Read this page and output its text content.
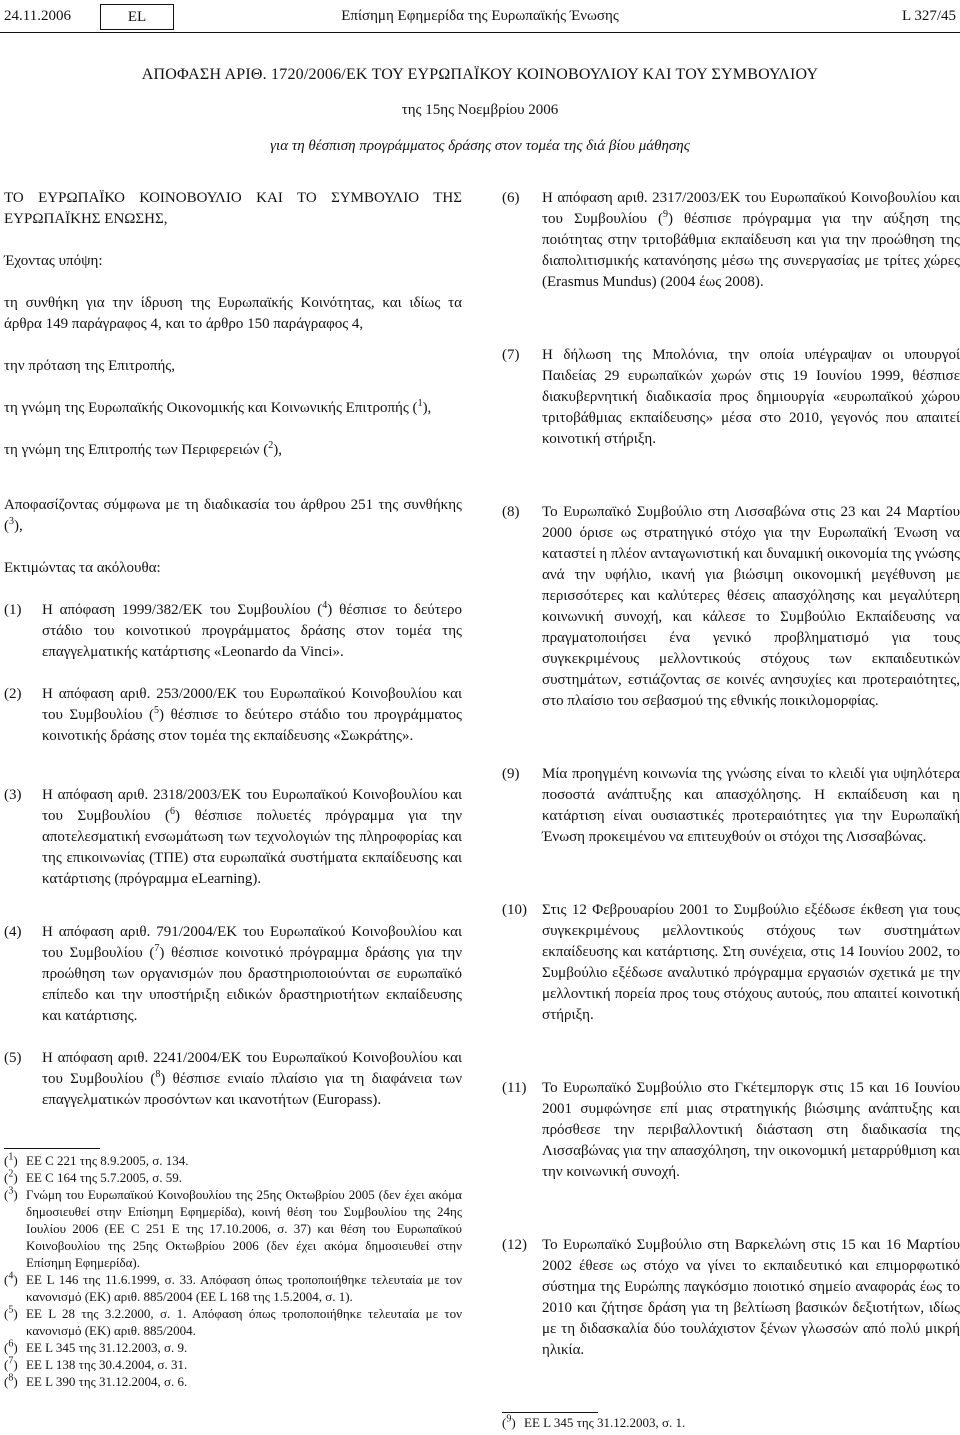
24.11.2006	EL	Επίσημη Εφημερίδα της Ευρωπαϊκής Ένωσης	L 327/45
ΑΠΟΦΑΣΗ ΑΡΙΘ. 1720/2006/ΕΚ ΤΟΥ ΕΥΡΩΠΑΪΚΟΥ ΚΟΙΝΟΒΟΥΛΙΟΥ ΚΑΙ ΤΟΥ ΣΥΜΒΟΥΛΙΟΥ
της 15ης Νοεμβρίου 2006
για τη θέσπιση προγράμματος δράσης στον τομέα της διά βίου μάθησης

ΤΟ ΕΥΡΩΠΑΪΚΟ ΚΟΙΝΟΒΟΥΛΙΟ ΚΑΙ ΤΟ ΣΥΜΒΟΥΛΙΟ ΤΗΣ ΕΥΡΩΠΑΪΚΗΣ ΕΝΩΣΗΣ,

Έχοντας υπόψη:

τη συνθήκη για την ίδρυση της Ευρωπαϊκής Κοινότητας, και ιδίως τα άρθρα 149 παράγραφος 4, και το άρθρο 150 παράγραφος 4,

την πρόταση της Επιτροπής,

τη γνώμη της Ευρωπαϊκής Οικονομικής και Κοινωνικής Επιτροπής ($^1$),

τη γνώμη της Επιτροπής των Περιφερειών ($^2$),

Αποφασίζοντας σύμφωνα με τη διαδικασία του άρθρου 251 της συνθήκης ($^3$),

Εκτιμώντας τα ακόλουθα:

(1) Η απόφαση 1999/382/ΕΚ του Συμβουλίου ($^4$) θέσπισε το δεύτερο στάδιο του κοινοτικού προγράμματος δράσης στον τομέα της επαγγελματικής κατάρτισης «Leonardo da Vinci».
(2) Η απόφαση αριθ. 253/2000/ΕΚ του Ευρωπαϊκού Κοινοβουλίου και του Συμβουλίου ($^5$) θέσπισε το δεύτερο στάδιο του προγράμματος κοινοτικής δράσης στον τομέα της εκπαίδευσης «Σωκράτης».
(3) Η απόφαση αριθ. 2318/2003/ΕΚ του Ευρωπαϊκού Κοινοβουλίου και του Συμβουλίου ($^6$) θέσπισε πολυετές πρόγραμμα για την αποτελεσματική ενσωμάτωση των τεχνολογιών της πληροφορίας και της επικοινωνίας (ΤΠΕ) στα ευρωπαϊκά συστήματα εκπαίδευσης και κατάρτισης (πρόγραμμα eLearning).
(4) Η απόφαση αριθ. 791/2004/ΕΚ του Ευρωπαϊκού Κοινοβουλίου και του Συμβουλίου ($^7$) θέσπισε κοινοτικό πρόγραμμα δράσης για την προώθηση των οργανισμών που δραστηριοποιούνται σε ευρωπαϊκό επίπεδο και την υποστήριξη ειδικών δραστηριοτήτων εκπαίδευσης και κατάρτισης.
(5) Η απόφαση αριθ. 2241/2004/ΕΚ του Ευρωπαϊκού Κοινοβουλίου και του Συμβουλίου ($^8$) θέσπισε ενιαίο πλαίσιο για τη διαφάνεια των επαγγελματικών προσόντων και ικανοτήτων (Europass).
($^1$) ΕΕ C 221 της 8.9.2005, σ. 134.
($^2$) ΕΕ C 164 της 5.7.2005, σ. 59.
($^3$) Γνώμη του Ευρωπαϊκού Κοινοβουλίου της 25ης Οκτωβρίου 2005 (δεν έχει ακόμα δημοσιευθεί στην Επίσημη Εφημερίδα), κοινή θέση του Συμβουλίου της 24ης Ιουλίου 2006 (ΕΕ C 251 E της 17.10.2006, σ. 37) και θέση του Ευρωπαϊκού Κοινοβουλίου της 25ης Οκτωβρίου 2006 (δεν έχει ακόμα δημοσιευθεί στην Επίσημη Εφημερίδα).
($^4$) ΕΕ L 146 της 11.6.1999, σ. 33. Απόφαση όπως τροποποιήθηκε τελευταία με τον κανονισμό (ΕΚ) αριθ. 885/2004 (ΕΕ L 168 της 1.5.2004, σ. 1).
($^5$) ΕΕ L 28 της 3.2.2000, σ. 1. Απόφαση όπως τροποποιήθηκε τελευταία με τον κανονισμό (ΕΚ) αριθ. 885/2004.
($^6$) ΕΕ L 345 της 31.12.2003, σ. 9.
($^7$) ΕΕ L 138 της 30.4.2004, σ. 31.
($^8$) ΕΕ L 390 της 31.12.2004, σ. 6.
(6) Η απόφαση αριθ. 2317/2003/ΕΚ του Ευρωπαϊκού Κοινοβουλίου και του Συμβουλίου ($^9$) θέσπισε πρόγραμμα για την αύξηση της ποιότητας στην τριτοβάθμια εκπαίδευση και για την προώθηση της διαπολιτισμικής κατανόησης μέσω της συνεργασίας με τρίτες χώρες (Erasmus Mundus) (2004 έως 2008).
(7) Η δήλωση της Μπολόνια, την οποία υπέγραψαν οι υπουργοί Παιδείας 29 ευρωπαϊκών χωρών στις 19 Ιουνίου 1999, θέσπισε διακυβερνητική διαδικασία προς δημιουργία «ευρωπαϊκού χώρου τριτοβάθμιας εκπαίδευσης» μέσα στο 2010, γεγονός που απαιτεί κοινοτική στήριξη.
(8) Το Ευρωπαϊκό Συμβούλιο στη Λισσαβώνα στις 23 και 24 Μαρτίου 2000 όρισε ως στρατηγικό στόχο για την Ευρωπαϊκή Ένωση να καταστεί η πλέον ανταγωνιστική και δυναμική οικονομία της γνώσης ανά την υφήλιο, ικανή για βιώσιμη οικονομική μεγέθυνση με περισσότερες και καλύτερες θέσεις απασχόλησης και μεγαλύτερη κοινωνική συνοχή, και κάλεσε το Συμβούλιο Εκπαίδευσης να πραγματοποιήσει ένα γενικό προβληματισμό για τους συγκεκριμένους μελλοντικούς στόχους των εκπαιδευτικών συστημάτων, εστιάζοντας σε κοινές ανησυχίες και προτεραιότητες, στο πλαίσιο του σεβασμού της εθνικής ποικιλομορφίας.
(9) Μία προηγμένη κοινωνία της γνώσης είναι το κλειδί για υψηλότερα ποσοστά ανάπτυξης και απασχόλησης. Η εκπαίδευση και η κατάρτιση είναι ουσιαστικές προτεραιότητες για την Ευρωπαϊκή Ένωση προκειμένου να επιτευχθούν οι στόχοι της Λισσαβώνας.
(10) Στις 12 Φεβρουαρίου 2001 το Συμβούλιο εξέδωσε έκθεση για τους συγκεκριμένους μελλοντικούς στόχους των συστημάτων εκπαίδευσης και κατάρτισης. Στη συνέχεια, στις 14 Ιουνίου 2002, το Συμβούλιο εξέδωσε αναλυτικό πρόγραμμα εργασιών σχετικά με την μελλοντική πορεία προς τους στόχους αυτούς, που απαιτεί κοινοτική στήριξη.
(11) Το Ευρωπαϊκό Συμβούλιο στο Γκέτεμποργκ στις 15 και 16 Ιουνίου 2001 συμφώνησε επί μιας στρατηγικής βιώσιμης ανάπτυξης και πρόσθεσε την περιβαλλοντική διάσταση στη διαδικασία της Λισσαβώνας για την απασχόληση, την οικονομική μεταρρύθμιση και την κοινωνική συνοχή.
(12) Το Ευρωπαϊκό Συμβούλιο στη Βαρκελώνη στις 15 και 16 Μαρτίου 2002 έθεσε ως στόχο να γίνει το εκπαιδευτικό και επιμορφωτικό σύστημα της Ευρώπης παγκόσμιο ποιοτικό σημείο αναφοράς έως το 2010 και ζήτησε δράση για τη βελτίωση βασικών δεξιοτήτων, ιδίως με τη διδασκαλία δύο τουλάχιστον ξένων γλωσσών από πολύ μικρή ηλικία.
($^9$) ΕΕ L 345 της 31.12.2003, σ. 1.
